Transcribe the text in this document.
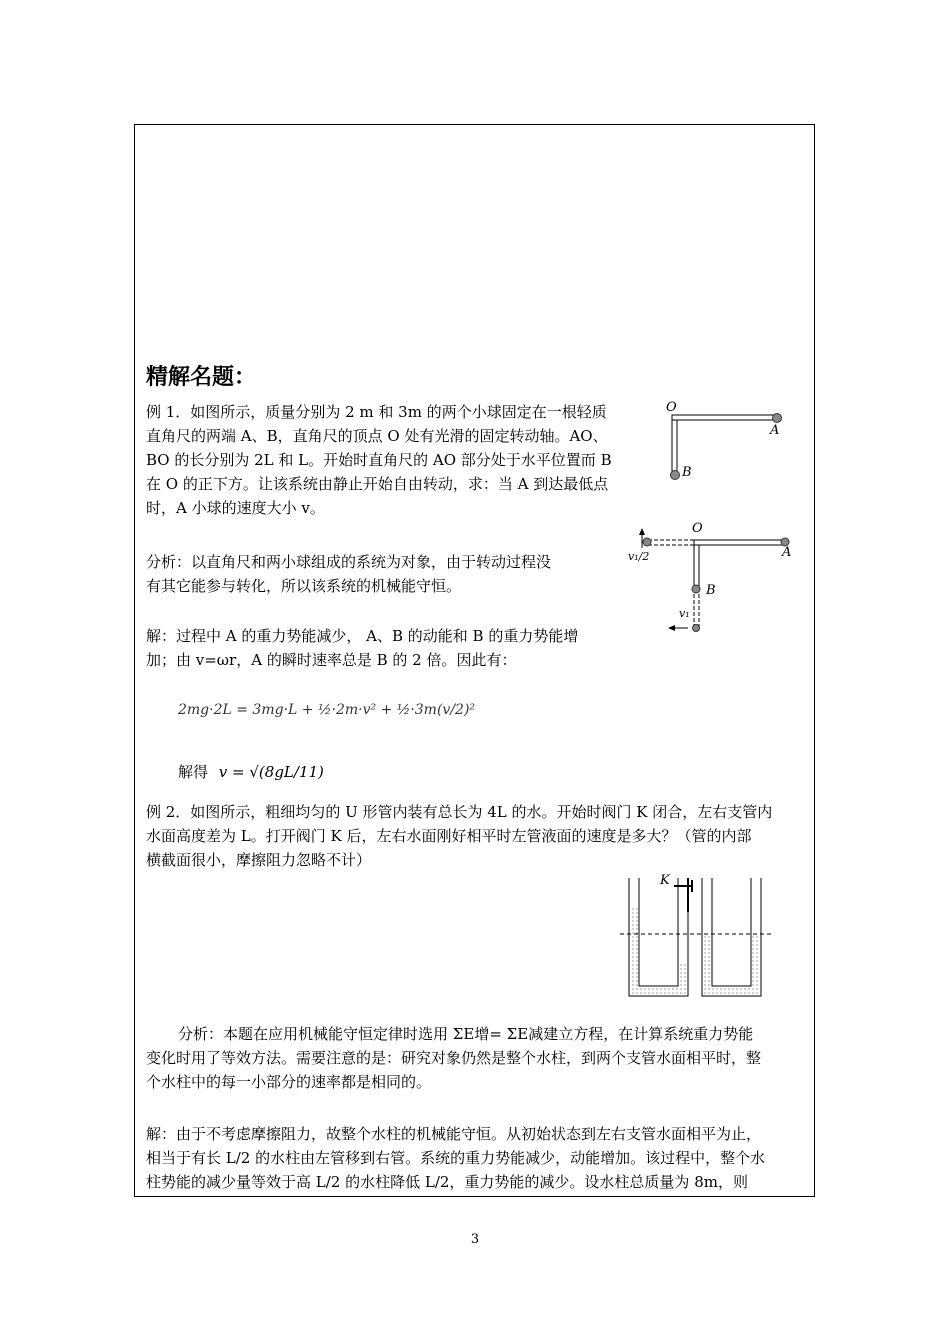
精解名题：
例 1．如图所示，质量分别为 2 m 和 3m 的两个小球固定在一根轻质
直角尺的两端 A、B，直角尺的顶点 O 处有光滑的固定转动轴。AO、
BO 的长分别为 2L 和 L。开始时直角尺的 AO 部分处于水平位置而 B
在 O 的正下方。让该系统由静止开始自由转动，求：当 A 到达最低点
时，A 小球的速度大小 v。
O
A
B
分析：以直角尺和两小球组成的系统为对象，由于转动过程没
有其它能参与转化，所以该系统的机械能守恒。
O
A
B
v₁
v₁/2
解：过程中 A 的重力势能减少， A、B 的动能和 B 的重力势能增
加；由 v=ωr，A 的瞬时速率总是 B 的 2 倍。因此有：
2mg·2L = 3mg·L + ½·2m·v² + ½·3m(v/2)²
解得 v = √(8gL/11)
例 2．如图所示，粗细均匀的 U 形管内装有总长为 4L 的水。开始时阀门 K 闭合，左右支管内
水面高度差为 L。打开阀门 K 后，左右水面刚好相平时左管液面的速度是多大？（管的内部
横截面很小，摩擦阻力忽略不计）
K
分析：本题在应用机械能守恒定律时选用 ΣE增= ΣE减建立方程，在计算系统重力势能
变化时用了等效方法。需要注意的是：研究对象仍然是整个水柱，到两个支管水面相平时，整
个水柱中的每一小部分的速率都是相同的。
解：由于不考虑摩擦阻力，故整个水柱的机械能守恒。从初始状态到左右支管水面相平为止，
相当于有长 L/2 的水柱由左管移到右管。系统的重力势能减少，动能增加。该过程中，整个水
柱势能的减少量等效于高 L/2 的水柱降低 L/2，重力势能的减少。设水柱总质量为 8m，则
3
